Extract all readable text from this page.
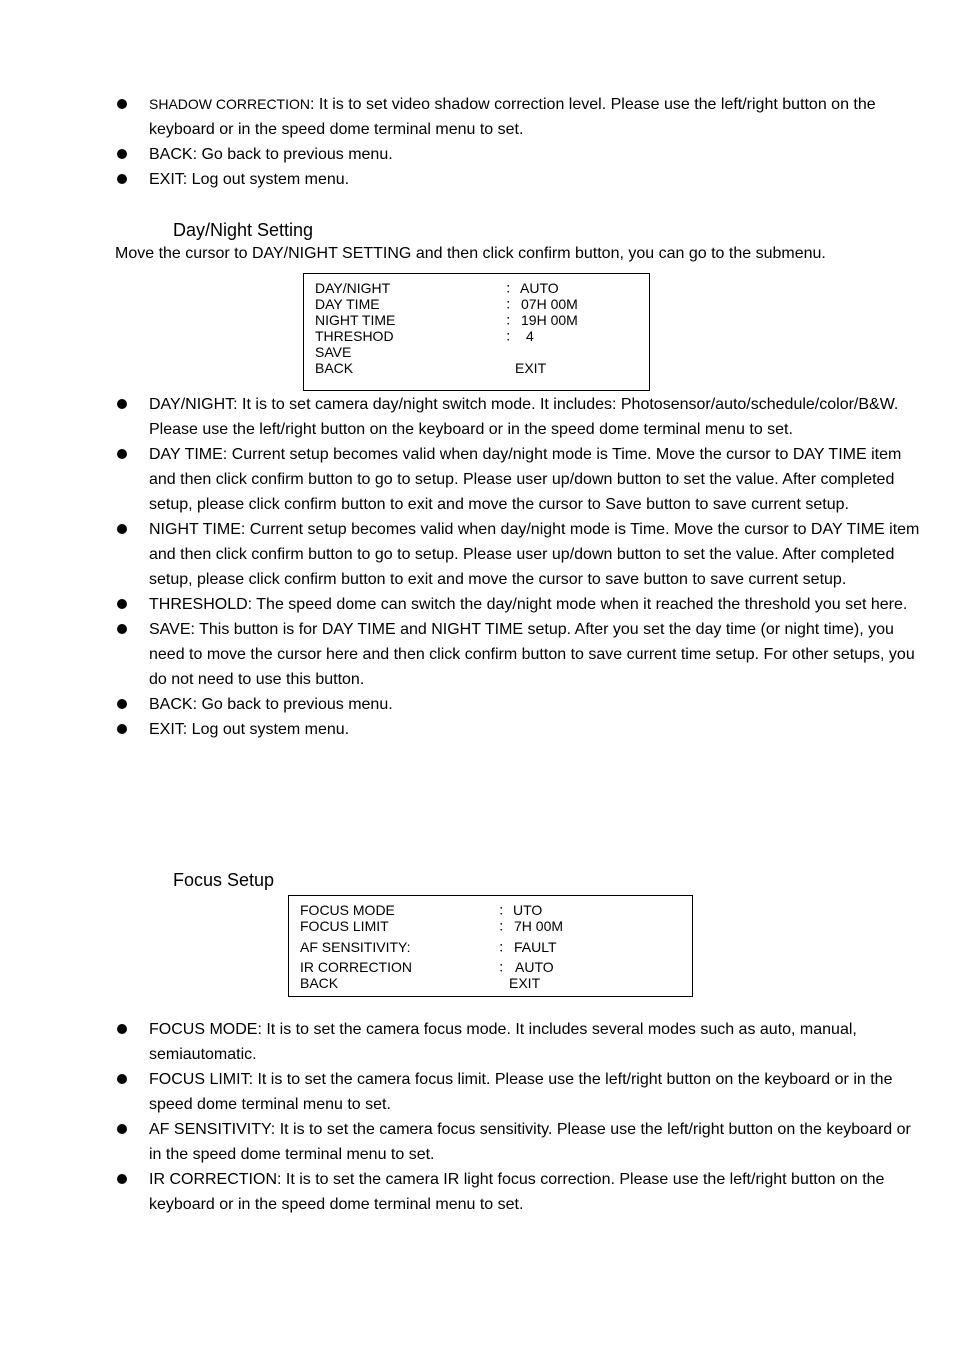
SHADOW CORRECTION: It is to set video shadow correction level. Please use the left/right button on the keyboard or in the speed dome terminal menu to set.
BACK: Go back to previous menu.
EXIT: Log out system menu.
Day/Night Setting
Move the cursor to DAY/NIGHT SETTING and then click confirm button, you can go to the submenu.
DAY/NIGHT	： AUTO
DAY TIME	： 07H 00M
NIGHT TIME	： 19H 00M
THRESHOD	： 4
SAVE
BACK	EXIT
DAY/NIGHT: It is to set camera day/night switch mode. It includes: Photosensor/auto/schedule/color/B&W. Please use the left/right button on the keyboard or in the speed dome terminal menu to set.
DAY TIME: Current setup becomes valid when day/night mode is Time. Move the cursor to DAY TIME item and then click confirm button to go to setup. Please user up/down button to set the value. After completed setup, please click confirm button to exit and move the cursor to Save button to save current setup.
NIGHT TIME: Current setup becomes valid when day/night mode is Time. Move the cursor to DAY TIME item and then click confirm button to go to setup. Please user up/down button to set the value. After completed setup, please click confirm button to exit and move the cursor to save button to save current setup.
THRESHOLD: The speed dome can switch the day/night mode when it reached the threshold you set here.
SAVE: This button is for DAY TIME and NIGHT TIME setup. After you set the day time (or night time), you need to move the cursor here and then click confirm button to save current time setup. For other setups, you do not need to use this button.
BACK: Go back to previous menu.
EXIT: Log out system menu.
Focus Setup
FOCUS MODE	： UTO
FOCUS LIMIT	： 7H 00M
AF SENSITIVITY:	： FAULT
IR CORRECTION	： AUTO
BACK	EXIT
FOCUS MODE: It is to set the camera focus mode. It includes several modes such as auto, manual, semiautomatic.
FOCUS LIMIT: It is to set the camera focus limit. Please use the left/right button on the keyboard or in the speed dome terminal menu to set.
AF SENSITIVITY: It is to set the camera focus sensitivity. Please use the left/right button on the keyboard or in the speed dome terminal menu to set.
IR CORRECTION: It is to set the camera IR light focus correction. Please use the left/right button on the keyboard or in the speed dome terminal menu to set.
